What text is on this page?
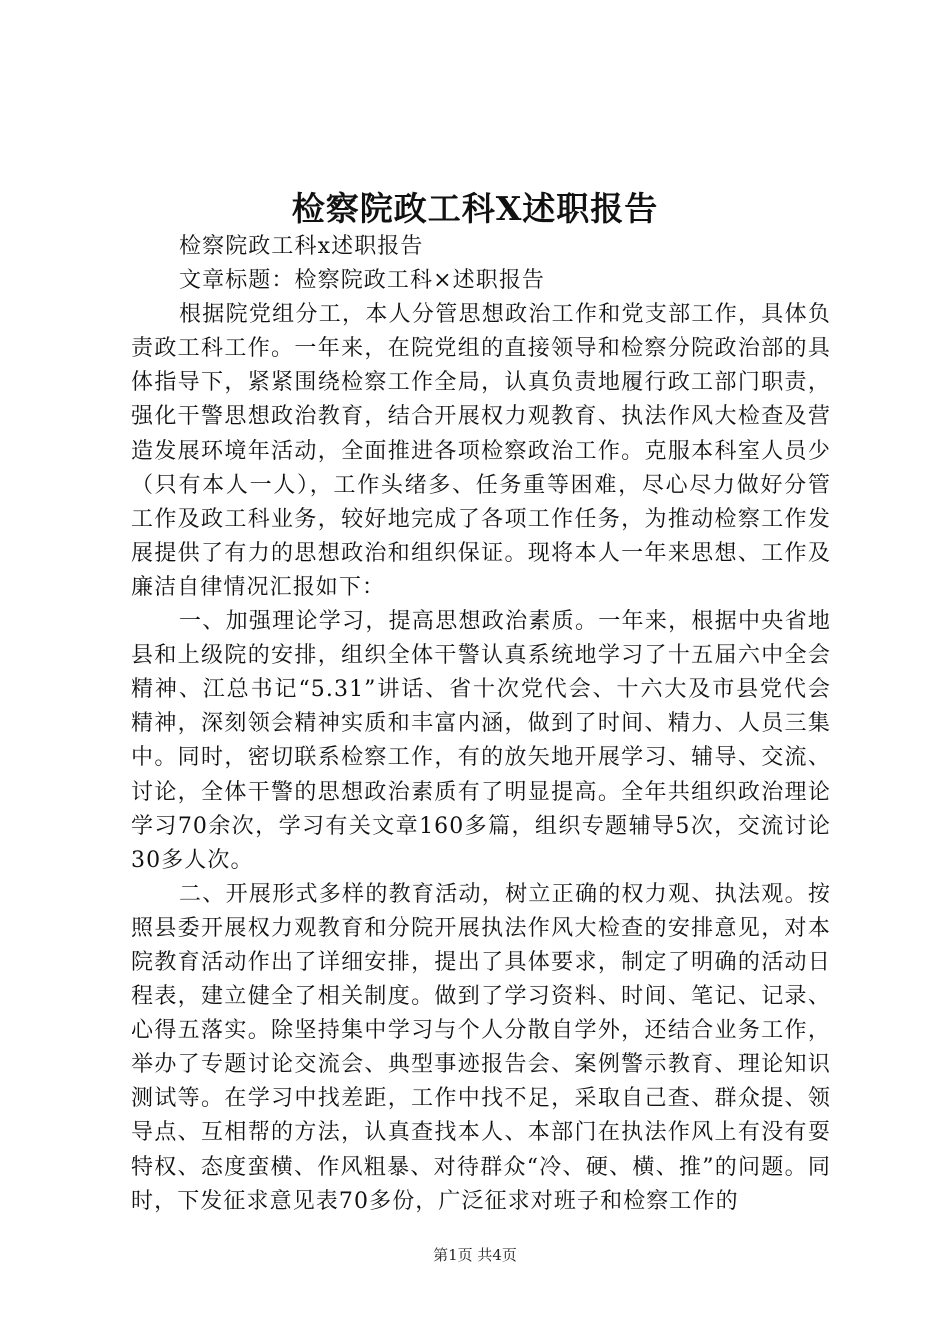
检察院政工科X述职报告

检察院政工科x述职报告

文章标题：检察院政工科×述职报告

根据院党组分工，本人分管思想政治工作和党支部工作，具体负责政工科工作。一年来，在院党组的直接领导和检察分院政治部的具体指导下，紧紧围绕检察工作全局，认真负责地履行政工部门职责，强化干警思想政治教育，结合开展权力观教育、执法作风大检查及营造发展环境年活动，全面推进各项检察政治工作。克服本科室人员少（只有本人一人），工作头绪多、任务重等困难，尽心尽力做好分管工作及政工科业务，较好地完成了各项工作任务，为推动检察工作发展提供了有力的思想政治和组织保证。现将本人一年来思想、工作及廉洁自律情况汇报如下：

一、加强理论学习，提高思想政治素质。一年来，根据中央省地县和上级院的安排，组织全体干警认真系统地学习了十五届六中全会精神、江总书记“5.31”讲话、省十次党代会、十六大及市县党代会精神，深刻领会精神实质和丰富内涵，做到了时间、精力、人员三集中。同时，密切联系检察工作，有的放矢地开展学习、辅导、交流、讨论，全体干警的思想政治素质有了明显提高。全年共组织政治理论学习70余次，学习有关文章160多篇，组织专题辅导5次，交流讨论30多人次。

二、开展形式多样的教育活动，树立正确的权力观、执法观。按照县委开展权力观教育和分院开展执法作风大检查的安排意见，对本院教育活动作出了详细安排，提出了具体要求，制定了明确的活动日程表，建立健全了相关制度。做到了学习资料、时间、笔记、记录、心得五落实。除坚持集中学习与个人分散自学外，还结合业务工作，举办了专题讨论交流会、典型事迹报告会、案例警示教育、理论知识测试等。在学习中找差距，工作中找不足，采取自己查、群众提、领导点、互相帮的方法，认真查找本人、本部门在执法作风上有没有耍特权、态度蛮横、作风粗暴、对待群众“冷、硬、横、推”的问题。同时，下发征求意见表70多份，广泛征求对班子和检察工作的

第1页 共4页
